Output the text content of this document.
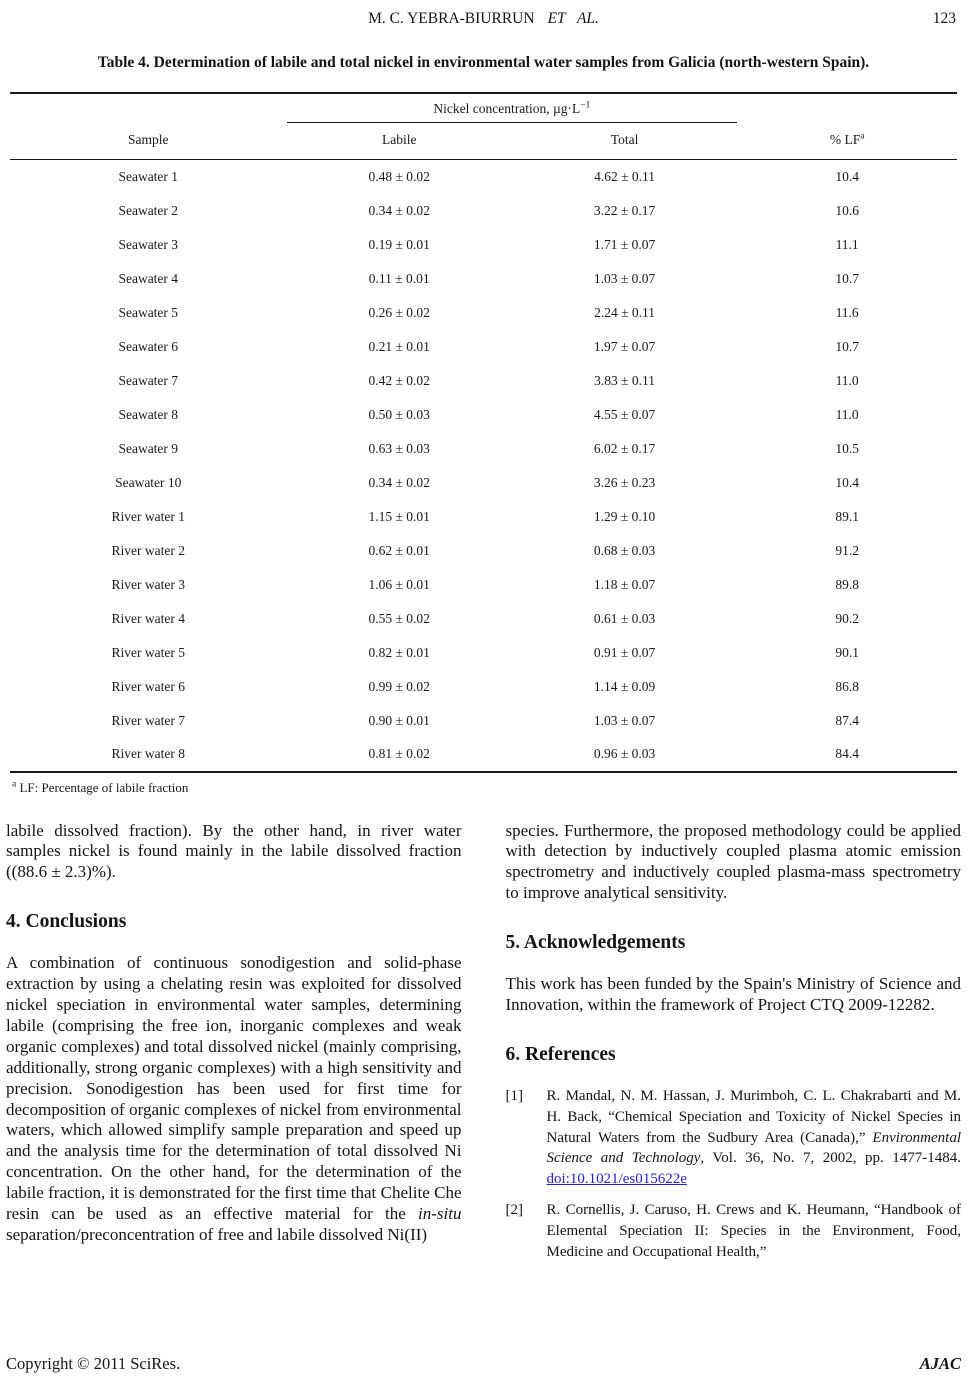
M. C. YEBRA-BIURRUN ET AL.	123
Table 4. Determination of labile and total nickel in environmental water samples from Galicia (north-western Spain).
	Nickel concentration, $\mu g\cdot L^{-1}$	
Sample	Labile	Total	% $LF^a$
Seawater 1	0.48 ± 0.02	4.62 ± 0.11	10.4
Seawater 2	0.34 ± 0.02	3.22 ± 0.17	10.6
Seawater 3	0.19 ± 0.01	1.71 ± 0.07	11.1
Seawater 4	0.11 ± 0.01	1.03 ± 0.07	10.7
Seawater 5	0.26 ± 0.02	2.24 ± 0.11	11.6
Seawater 6	0.21 ± 0.01	1.97 ± 0.07	10.7
Seawater 7	0.42 ± 0.02	3.83 ± 0.11	11.0
Seawater 8	0.50 ± 0.03	4.55 ± 0.07	11.0
Seawater 9	0.63 ± 0.03	6.02 ± 0.17	10.5
Seawater 10	0.34 ± 0.02	3.26 ± 0.23	10.4
River water 1	1.15 ± 0.01	1.29 ± 0.10	89.1
River water 2	0.62 ± 0.01	0.68 ± 0.03	91.2
River water 3	1.06 ± 0.01	1.18 ± 0.07	89.8
River water 4	0.55 ± 0.02	0.61 ± 0.03	90.2
River water 5	0.82 ± 0.01	0.91 ± 0.07	90.1
River water 6	0.99 ± 0.02	1.14 ± 0.09	86.8
River water 7	0.90 ± 0.01	1.03 ± 0.07	87.4
River water 8	0.81 ± 0.02	0.96 ± 0.03	84.4
$^a$ LF: Percentage of labile fraction

labile dissolved fraction). By the other hand, in river water samples nickel is found mainly in the labile dissolved fraction ((88.6 ± 2.3)%).

4. Conclusions

A combination of continuous sonodigestion and solid-phase extraction by using a chelating resin was exploited for dissolved nickel speciation in environmental water samples, determining labile (comprising the free ion, inorganic complexes and weak organic complexes) and total dissolved nickel (mainly comprising, additionally, strong organic complexes) with a high sensitivity and precision. Sonodigestion has been used for first time for decomposition of organic complexes of nickel from environmental waters, which allowed simplify sample preparation and speed up and the analysis time for the determination of total dissolved Ni concentration. On the other hand, for the determination of the labile fraction, it is demonstrated for the first time that Chelite Che resin can be used as an effective material for the in-situ separation/preconcentration of free and labile dissolved Ni(II)

species. Furthermore, the proposed methodology could be applied with detection by inductively coupled plasma atomic emission spectrometry and inductively coupled plasma-mass spectrometry to improve analytical sensitivity.

5. Acknowledgements

This work has been funded by the Spain's Ministry of Science and Innovation, within the framework of Project CTQ 2009-12282.

6. References
[1]	R. Mandal, N. M. Hassan, J. Murimboh, C. L. Chakrabarti and M. H. Back, “Chemical Speciation and Toxicity of Nickel Species in Natural Waters from the Sudbury Area (Canada),” Environmental Science and Technology, Vol. 36, No. 7, 2002, pp. 1477-1484. doi:10.1021/es015622e
[2]	R. Cornellis, J. Caruso, H. Crews and K. Heumann, “Handbook of Elemental Speciation II: Species in the Environment, Food, Medicine and Occupational Health,”
Copyright © 2011 SciRes.	AJAC
